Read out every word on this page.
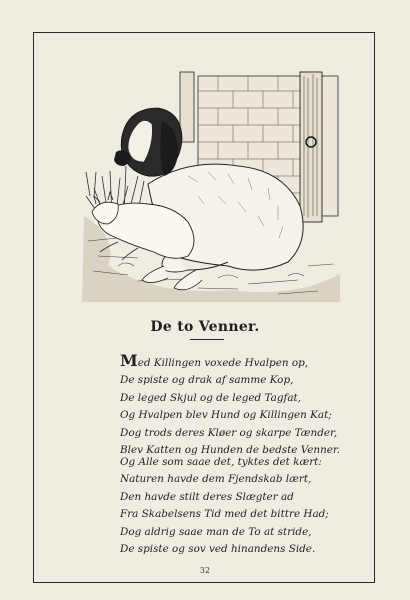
De to Venner.
Med Killingen voxede Hvalpen op,
De spiste og drak af samme Kop,
De leged Skjul og de leged Tagfat,
Og Hvalpen blev Hund og Killingen Kat;
Dog trods deres Kløer og skarpe Tænder,
Blev Katten og Hunden de bedste Venner.
Og Alle som saae det, tyktes det kært:
Naturen havde dem Fjendskab lært,
Den havde stilt deres Slægter ad
Fra Skabelsens Tid med det bittre Had;
Dog aldrig saae man de To at stride,
De spiste og sov ved hinandens Side.
32
